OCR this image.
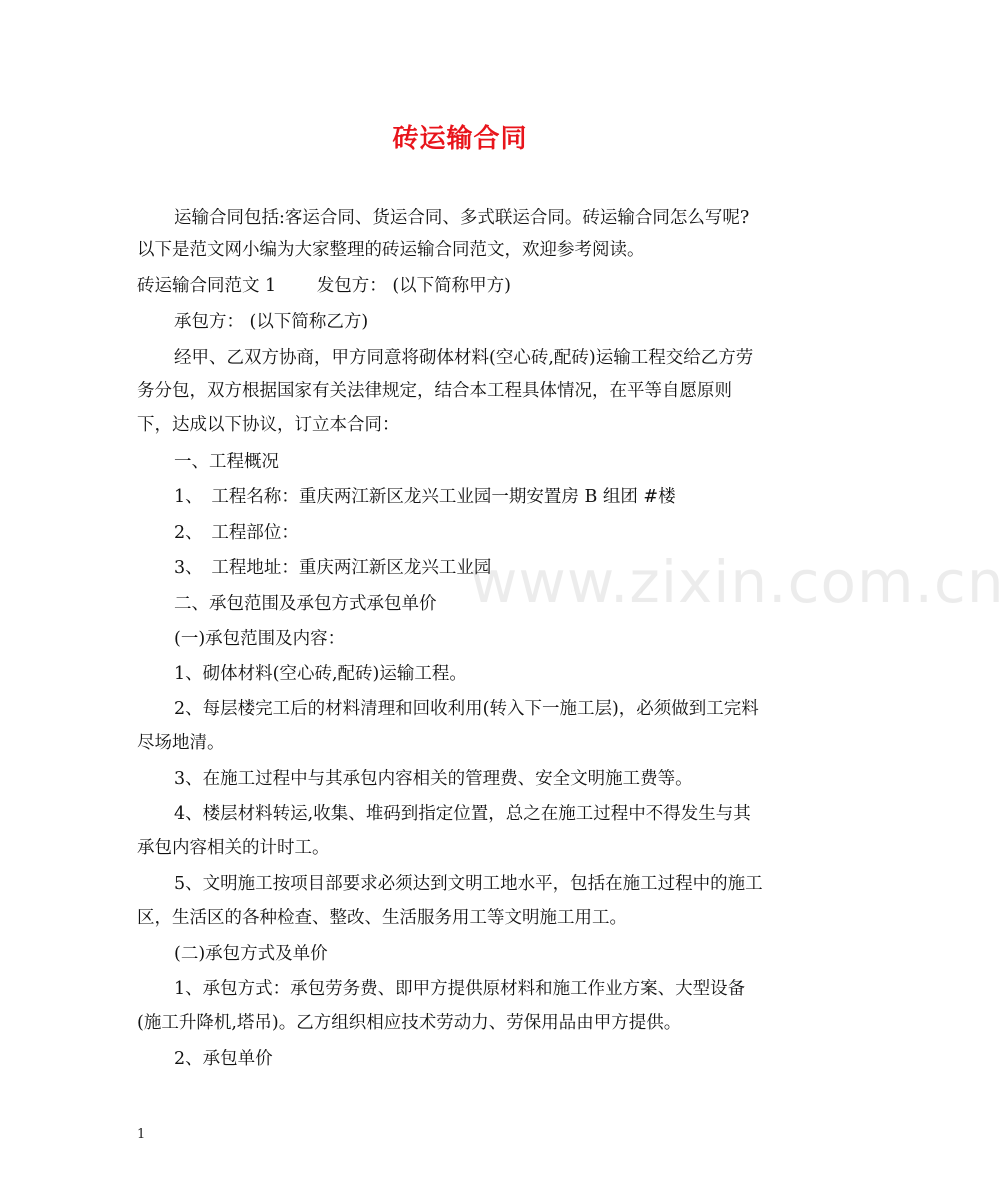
砖运输合同
运输合同包括:客运合同、货运合同、多式联运合同。砖运输合同怎么写呢?
以下是范文网小编为大家整理的砖运输合同范文，欢迎参考阅读。
砖运输合同范文 1　　 发包方： (以下简称甲方)
承包方： (以下简称乙方)
经甲、乙双方协商，甲方同意将砌体材料(空心砖,配砖)运输工程交给乙方劳
务分包，双方根据国家有关法律规定，结合本工程具体情况，在平等自愿原则
下，达成以下协议，订立本合同：
一、工程概况
1、　工程名称：重庆两江新区龙兴工业园一期安置房 B 组团 #楼
2、　工程部位：
3、　工程地址：重庆两江新区龙兴工业园
二、承包范围及承包方式承包单价
(一)承包范围及内容：
1、砌体材料(空心砖,配砖)运输工程。
2、每层楼完工后的材料清理和回收利用(转入下一施工层)，必须做到工完料
尽场地清。
3、在施工过程中与其承包内容相关的管理费、安全文明施工费等。
4、楼层材料转运,收集、堆码到指定位置，总之在施工过程中不得发生与其
承包内容相关的计时工。
5、文明施工按项目部要求必须达到文明工地水平，包括在施工过程中的施工
区，生活区的各种检查、整改、生活服务用工等文明施工用工。
(二)承包方式及单价
1、承包方式：承包劳务费、即甲方提供原材料和施工作业方案、大型设备
(施工升降机,塔吊)。乙方组织相应技术劳动力、劳保用品由甲方提供。
2、承包单价
www.zixin.com.cn
1
